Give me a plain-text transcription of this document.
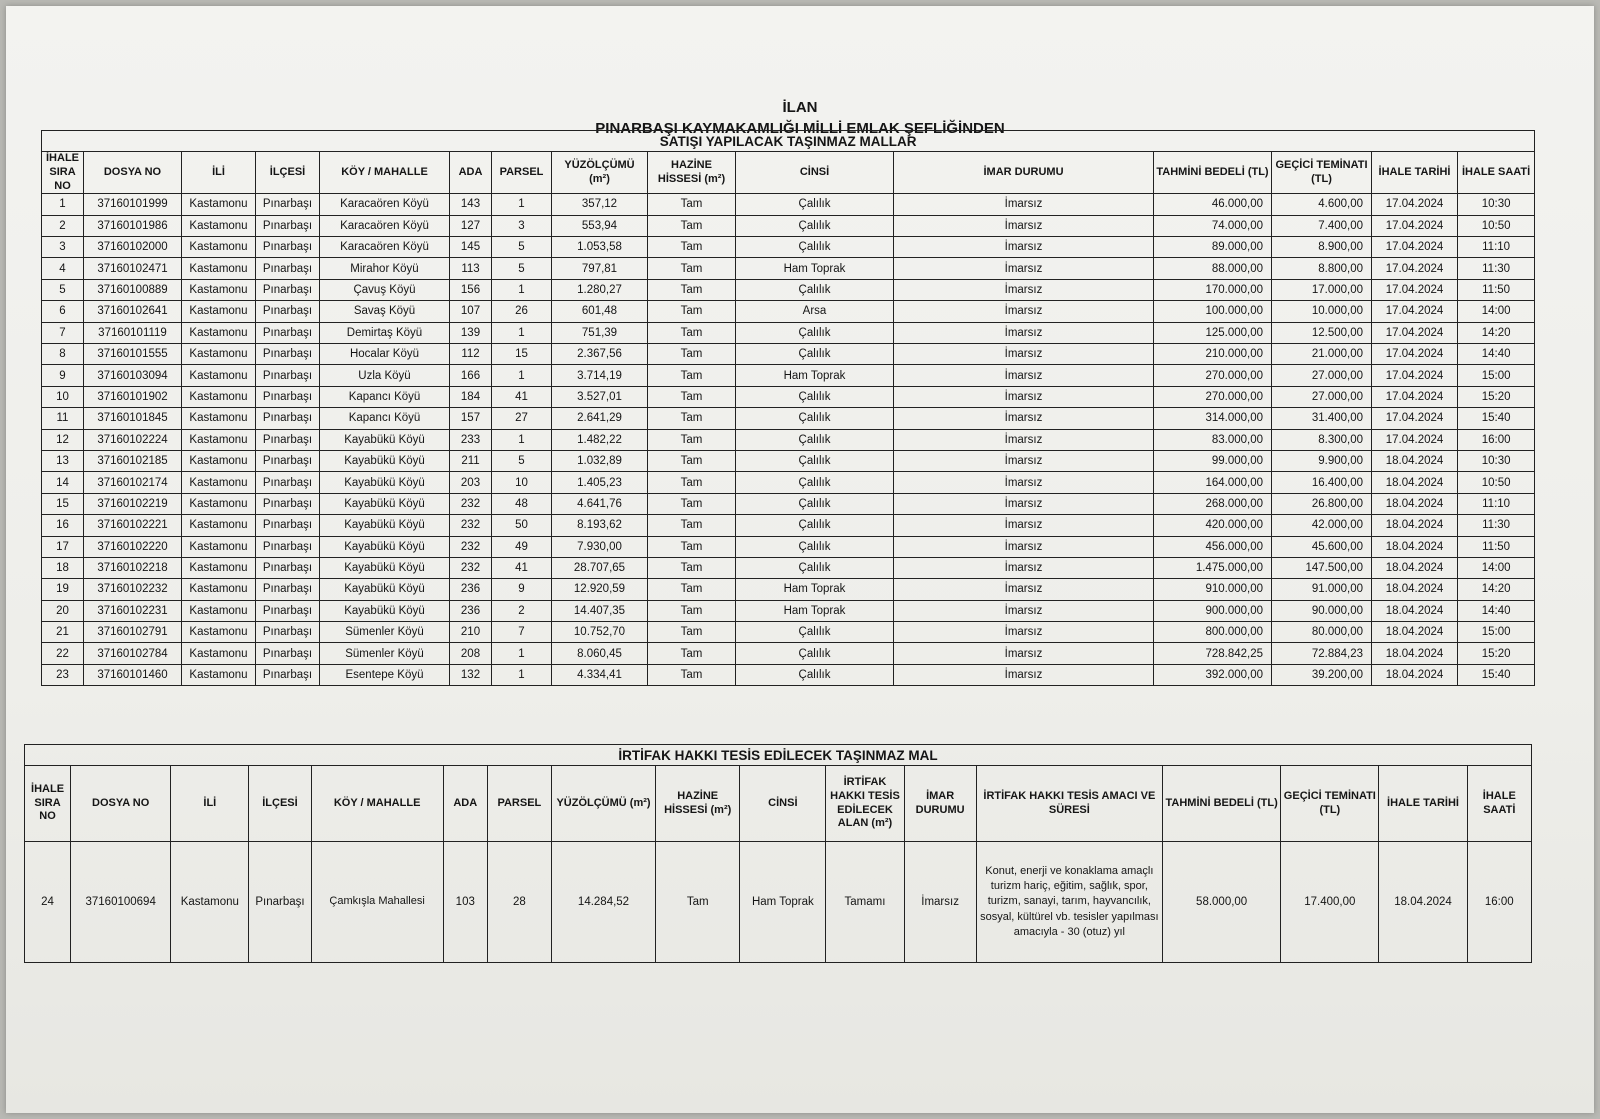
İLAN
PINARBAŞI KAYMAKAMLIĞI MİLLİ EMLAK ŞEFLİĞİNDEN
SATIŞI YAPILACAK TAŞINMAZ MALLAR														
İHALE SIRA NO	DOSYA NO	İLİ	İLÇESİ	KÖY / MAHALLE	ADA	PARSEL	YÜZÖLÇÜMÜ (m²)	HAZİNE HİSSESİ (m²)	CİNSİ	İMAR DURUMU	TAHMİNİ BEDELİ (TL)	GEÇİCİ TEMİNATI (TL)	İHALE TARİHİ	İHALE SAATİ
1	37160101999	Kastamonu	Pınarbaşı	Karacaören Köyü	143	1	357,12	Tam	Çalılık	İmarsız	46.000,00	4.600,00	17.04.2024	10:30
2	37160101986	Kastamonu	Pınarbaşı	Karacaören Köyü	127	3	553,94	Tam	Çalılık	İmarsız	74.000,00	7.400,00	17.04.2024	10:50
3	37160102000	Kastamonu	Pınarbaşı	Karacaören Köyü	145	5	1.053,58	Tam	Çalılık	İmarsız	89.000,00	8.900,00	17.04.2024	11:10
4	37160102471	Kastamonu	Pınarbaşı	Mirahor Köyü	113	5	797,81	Tam	Ham Toprak	İmarsız	88.000,00	8.800,00	17.04.2024	11:30
5	37160100889	Kastamonu	Pınarbaşı	Çavuş Köyü	156	1	1.280,27	Tam	Çalılık	İmarsız	170.000,00	17.000,00	17.04.2024	11:50
6	37160102641	Kastamonu	Pınarbaşı	Savaş Köyü	107	26	601,48	Tam	Arsa	İmarsız	100.000,00	10.000,00	17.04.2024	14:00
7	37160101119	Kastamonu	Pınarbaşı	Demirtaş Köyü	139	1	751,39	Tam	Çalılık	İmarsız	125.000,00	12.500,00	17.04.2024	14:20
8	37160101555	Kastamonu	Pınarbaşı	Hocalar Köyü	112	15	2.367,56	Tam	Çalılık	İmarsız	210.000,00	21.000,00	17.04.2024	14:40
9	37160103094	Kastamonu	Pınarbaşı	Uzla Köyü	166	1	3.714,19	Tam	Ham Toprak	İmarsız	270.000,00	27.000,00	17.04.2024	15:00
10	37160101902	Kastamonu	Pınarbaşı	Kapancı Köyü	184	41	3.527,01	Tam	Çalılık	İmarsız	270.000,00	27.000,00	17.04.2024	15:20
11	37160101845	Kastamonu	Pınarbaşı	Kapancı Köyü	157	27	2.641,29	Tam	Çalılık	İmarsız	314.000,00	31.400,00	17.04.2024	15:40
12	37160102224	Kastamonu	Pınarbaşı	Kayabükü Köyü	233	1	1.482,22	Tam	Çalılık	İmarsız	83.000,00	8.300,00	17.04.2024	16:00
13	37160102185	Kastamonu	Pınarbaşı	Kayabükü Köyü	211	5	1.032,89	Tam	Çalılık	İmarsız	99.000,00	9.900,00	18.04.2024	10:30
14	37160102174	Kastamonu	Pınarbaşı	Kayabükü Köyü	203	10	1.405,23	Tam	Çalılık	İmarsız	164.000,00	16.400,00	18.04.2024	10:50
15	37160102219	Kastamonu	Pınarbaşı	Kayabükü Köyü	232	48	4.641,76	Tam	Çalılık	İmarsız	268.000,00	26.800,00	18.04.2024	11:10
16	37160102221	Kastamonu	Pınarbaşı	Kayabükü Köyü	232	50	8.193,62	Tam	Çalılık	İmarsız	420.000,00	42.000,00	18.04.2024	11:30
17	37160102220	Kastamonu	Pınarbaşı	Kayabükü Köyü	232	49	7.930,00	Tam	Çalılık	İmarsız	456.000,00	45.600,00	18.04.2024	11:50
18	37160102218	Kastamonu	Pınarbaşı	Kayabükü Köyü	232	41	28.707,65	Tam	Çalılık	İmarsız	1.475.000,00	147.500,00	18.04.2024	14:00
19	37160102232	Kastamonu	Pınarbaşı	Kayabükü Köyü	236	9	12.920,59	Tam	Ham Toprak	İmarsız	910.000,00	91.000,00	18.04.2024	14:20
20	37160102231	Kastamonu	Pınarbaşı	Kayabükü Köyü	236	2	14.407,35	Tam	Ham Toprak	İmarsız	900.000,00	90.000,00	18.04.2024	14:40
21	37160102791	Kastamonu	Pınarbaşı	Sümenler Köyü	210	7	10.752,70	Tam	Çalılık	İmarsız	800.000,00	80.000,00	18.04.2024	15:00
22	37160102784	Kastamonu	Pınarbaşı	Sümenler Köyü	208	1	8.060,45	Tam	Çalılık	İmarsız	728.842,25	72.884,23	18.04.2024	15:20
23	37160101460	Kastamonu	Pınarbaşı	Esentepe Köyü	132	1	4.334,41	Tam	Çalılık	İmarsız	392.000,00	39.200,00	18.04.2024	15:40
İRTİFAK HAKKI TESİS EDİLECEK TAŞINMAZ MAL																
İHALE SIRA NO	DOSYA NO	İLİ	İLÇESİ	KÖY / MAHALLE	ADA	PARSEL	YÜZÖLÇÜMÜ (m²)	HAZİNE HİSSESİ (m²)	CİNSİ	İRTİFAK HAKKI TESİS EDİLECEK ALAN (m²)	İMAR DURUMU	İRTİFAK HAKKI TESİS AMACI VE SÜRESİ	TAHMİNİ BEDELİ (TL)	GEÇİCİ TEMİNATI (TL)	İHALE TARİHİ	İHALE SAATİ
24	37160100694	Kastamonu	Pınarbaşı	Çamkışla Mahallesi	103	28	14.284,52	Tam	Ham Toprak	Tamamı	İmarsız	Konut, enerji ve konaklama amaçlı turizm hariç, eğitim, sağlık, spor, turizm, sanayi, tarım, hayvancılık, sosyal, kültürel vb. tesisler yapılması amacıyla - 30 (otuz) yıl	58.000,00	17.400,00	18.04.2024	16:00
